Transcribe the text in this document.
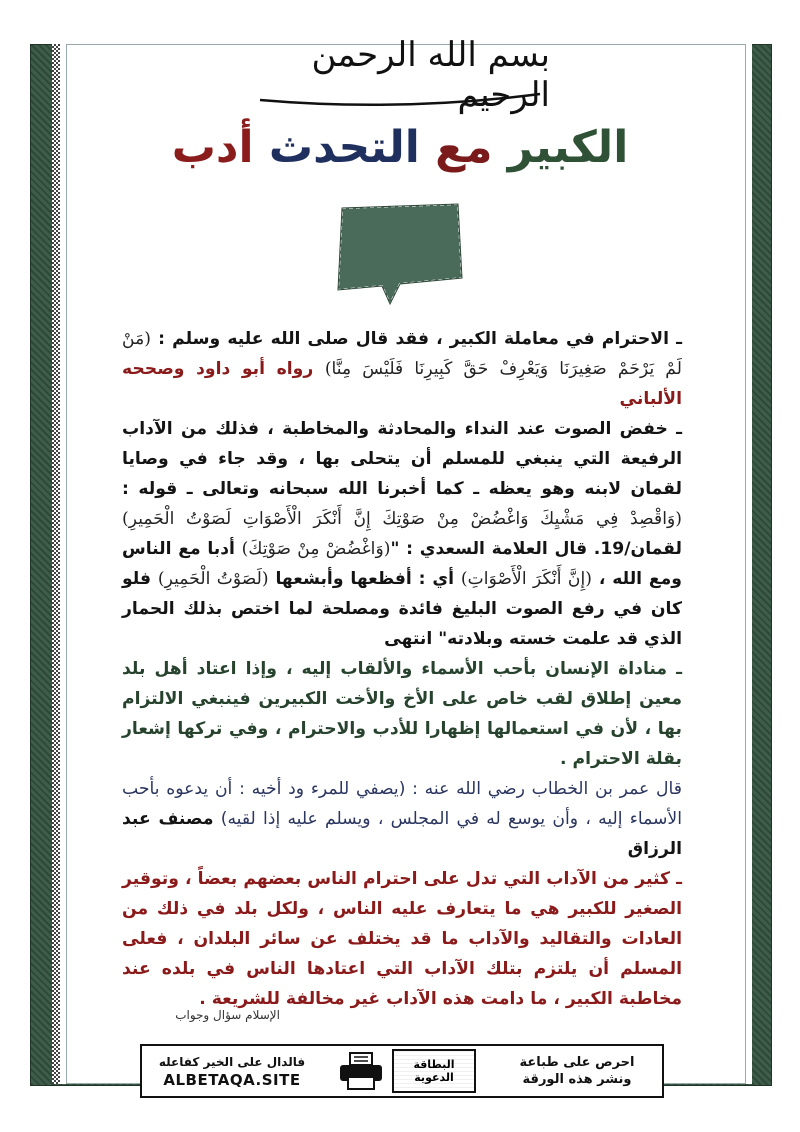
بسم الله الرحمن الرحيم
الكبير مع التحدث أدب

ـ الاحترام في معاملة الكبير ، فقد قال صلى الله عليه وسلم : (مَنْ لَمْ يَرْحَمْ صَغِيرَنَا وَيَعْرِفْ حَقَّ كَبِيرِنَا فَلَيْسَ مِنَّا) رواه أبو داود وصححه الألباني

ـ خفض الصوت عند النداء والمحادثة والمخاطبة ، فذلك من الآداب الرفيعة التي ينبغي للمسلم أن يتحلى بها ، وقد جاء في وصايا لقمان لابنه وهو يعظه ـ كما أخبرنا الله سبحانه وتعالى ـ قوله : (وَاقْصِدْ فِي مَشْيِكَ وَاغْضُضْ مِنْ صَوْتِكَ إِنَّ أَنْكَرَ الْأَصْوَاتِ لَصَوْتُ الْحَمِيرِ) لقمان/19. قال العلامة السعدي : "(وَاغْضُضْ مِنْ صَوْتِكَ) أدبا مع الناس ومع الله ، (إِنَّ أَنْكَرَ الْأَصْوَاتِ) أي : أفظعها وأبشعها (لَصَوْتُ الْحَمِيرِ) فلو كان في رفع الصوت البليغ فائدة ومصلحة لما اختص بذلك الحمار الذي قد علمت خسته وبلادته" انتهى

ـ مناداة الإنسان بأحب الأسماء والألقاب إليه ، وإذا اعتاد أهل بلد معين إطلاق لقب خاص على الأخ والأخت الكبيرين فينبغي الالتزام بها ، لأن في استعمالها إظهارا للأدب والاحترام ، وفي تركها إشعار بقلة الاحترام .

قال عمر بن الخطاب رضي الله عنه : (يصفي للمرء ود أخيه : أن يدعوه بأحب الأسماء إليه ، وأن يوسع له في المجلس ، ويسلم عليه إذا لقيه) مصنف عبد الرزاق

ـ كثير من الآداب التي تدل على احترام الناس بعضهم بعضاً ، وتوقير الصغير للكبير هي ما يتعارف عليه الناس ، ولكل بلد في ذلك من العادات والتقاليد والآداب ما قد يختلف عن سائر البلدان ، فعلى المسلم أن يلتزم بتلك الآداب التي اعتادها الناس في بلده عند مخاطبة الكبير ، ما دامت هذه الآداب غير مخالفة للشريعة .

الإسلام سؤال وجواب
فالدال على الخير كفاعله
ALBETAQA.SITE
البطاقة الدعوية
احرص على طباعة
ونشر هذه الورقة
